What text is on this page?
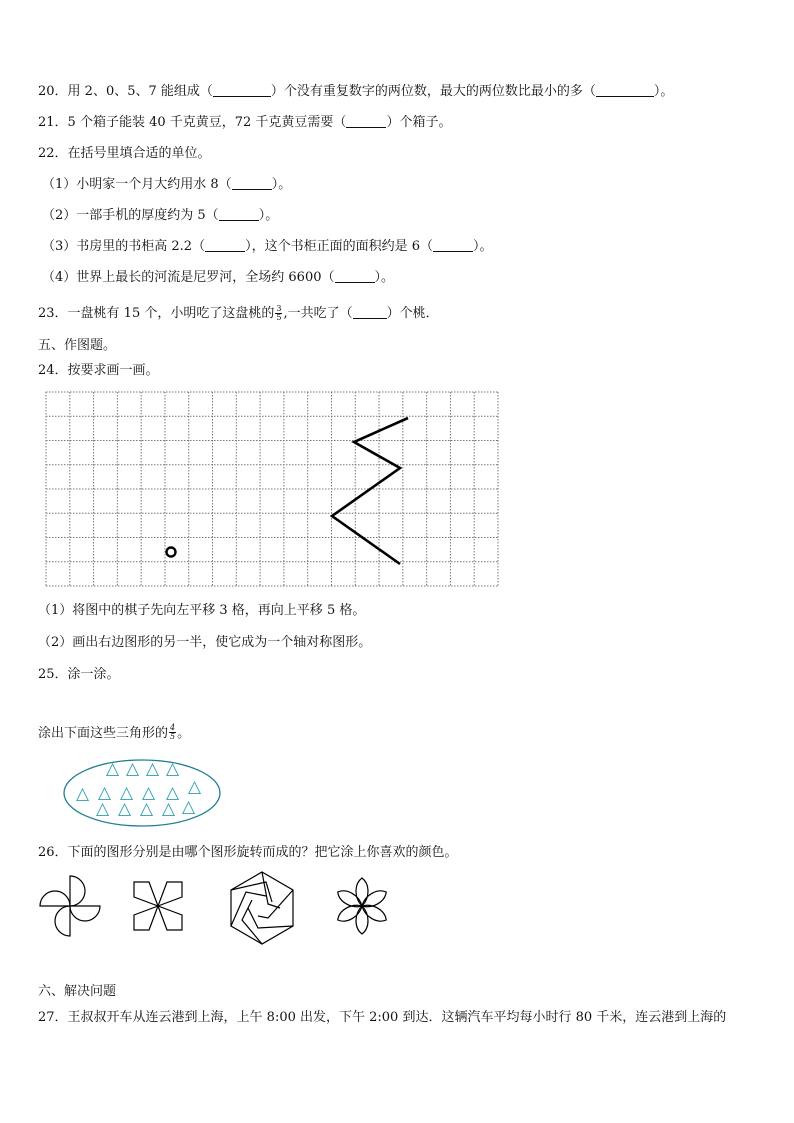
20．用 2、0、5、7 能组成（	）个没有重复数字的两位数，最大的两位数比最小的多（	）。
21．5 个箱子能装 40 千克黄豆，72 千克黄豆需要（	）个箱子。
22．在括号里填合适的单位。
（1）小明家一个月大约用水 8（	）。
（2）一部手机的厚度约为 5（	）。
（3）书房里的书柜高 2.2（	），这个书柜正面的面积约是 6（	）。
（4）世界上最长的河流是尼罗河，全场约 6600（	）。
23．一盘桃有 15 个，小明吃了这盘桃的 $\frac{3}{5}$ ,一共吃了（	）个桃．
五、作图题。
24．按要求画一画。
（1）将图中的棋子先向左平移 3 格，再向上平移 5 格。
（2）画出右边图形的另一半，使它成为一个轴对称图形。
25．涂一涂。
涂出下面这些三角形的 $\frac{4}{5}$ 。
△ △ △ △
△ △ △ △ △ △
△ △ △ △ △
26．下面的图形分别是由哪个图形旋转而成的？把它涂上你喜欢的颜色。
六、解决问题
27．王叔叔开车从连云港到上海，上午 8:00 出发，下午 2:00 到达．这辆汽车平均每小时行 80 千米，连云港到上海的
